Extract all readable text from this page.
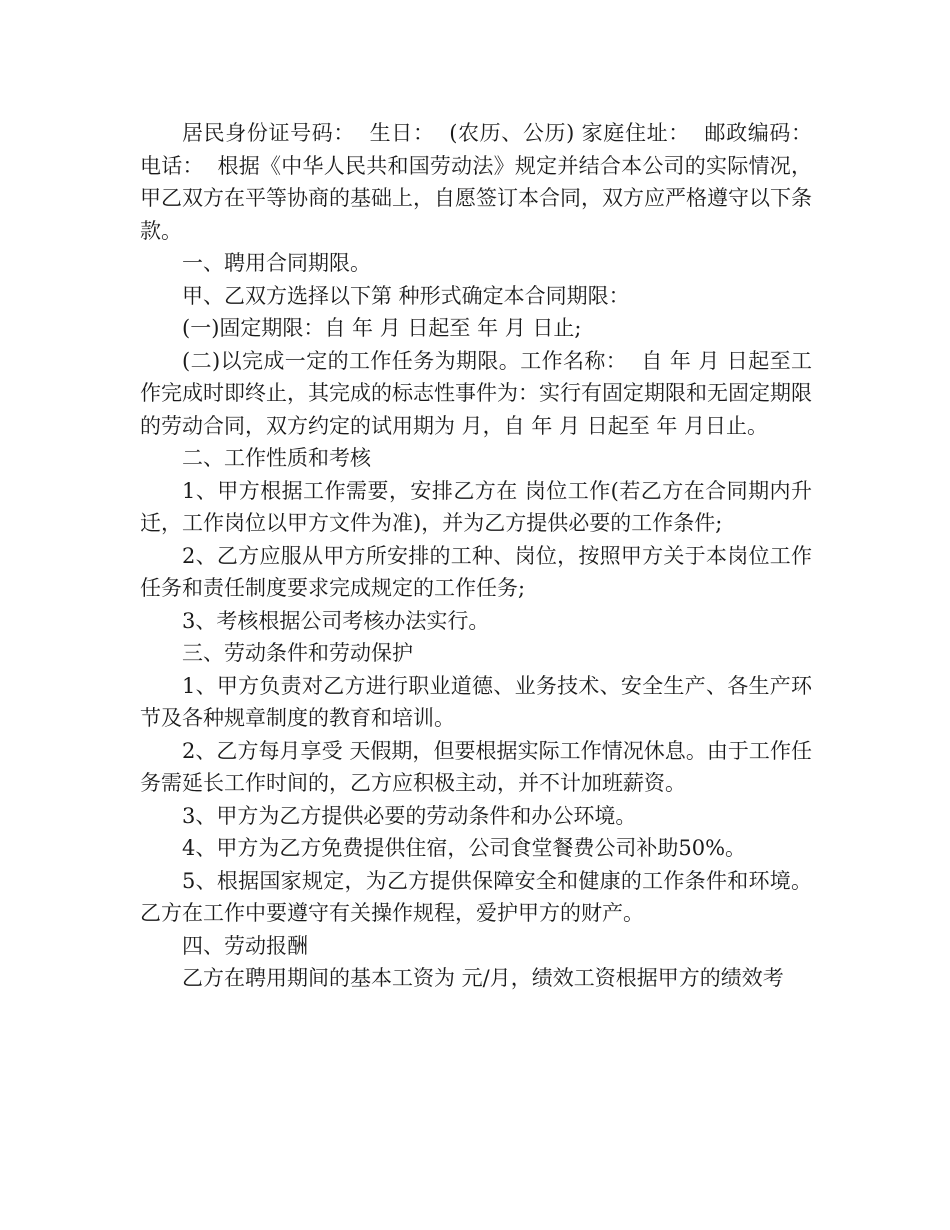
居民身份证号码：  生日：  (农历、公历) 家庭住址：  邮政编码：  电话：  根据《中华人民共和国劳动法》规定并结合本公司的实际情况，甲乙双方在平等协商的基础上，自愿签订本合同，双方应严格遵守以下条款。

一、聘用合同期限。

甲、乙双方选择以下第 种形式确定本合同期限：

(一)固定期限：自 年 月 日起至 年 月 日止;

(二)以完成一定的工作任务为期限。工作名称：  自 年 月 日起至工作完成时即终止，其完成的标志性事件为：实行有固定期限和无固定期限的劳动合同，双方约定的试用期为 月，自 年 月 日起至 年 月日止。

二、工作性质和考核

1、甲方根据工作需要，安排乙方在 岗位工作(若乙方在合同期内升迁，工作岗位以甲方文件为准)，并为乙方提供必要的工作条件;

2、乙方应服从甲方所安排的工种、岗位，按照甲方关于本岗位工作任务和责任制度要求完成规定的工作任务;

3、考核根据公司考核办法实行。

三、劳动条件和劳动保护

1、甲方负责对乙方进行职业道德、业务技术、安全生产、各生产环节及各种规章制度的教育和培训。

2、乙方每月享受 天假期，但要根据实际工作情况休息。由于工作任务需延长工作时间的，乙方应积极主动，并不计加班薪资。

3、甲方为乙方提供必要的劳动条件和办公环境。

4、甲方为乙方免费提供住宿，公司食堂餐费公司补助50%。

5、根据国家规定，为乙方提供保障安全和健康的工作条件和环境。乙方在工作中要遵守有关操作规程，爱护甲方的财产。

四、劳动报酬

乙方在聘用期间的基本工资为 元/月，绩效工资根据甲方的绩效考
